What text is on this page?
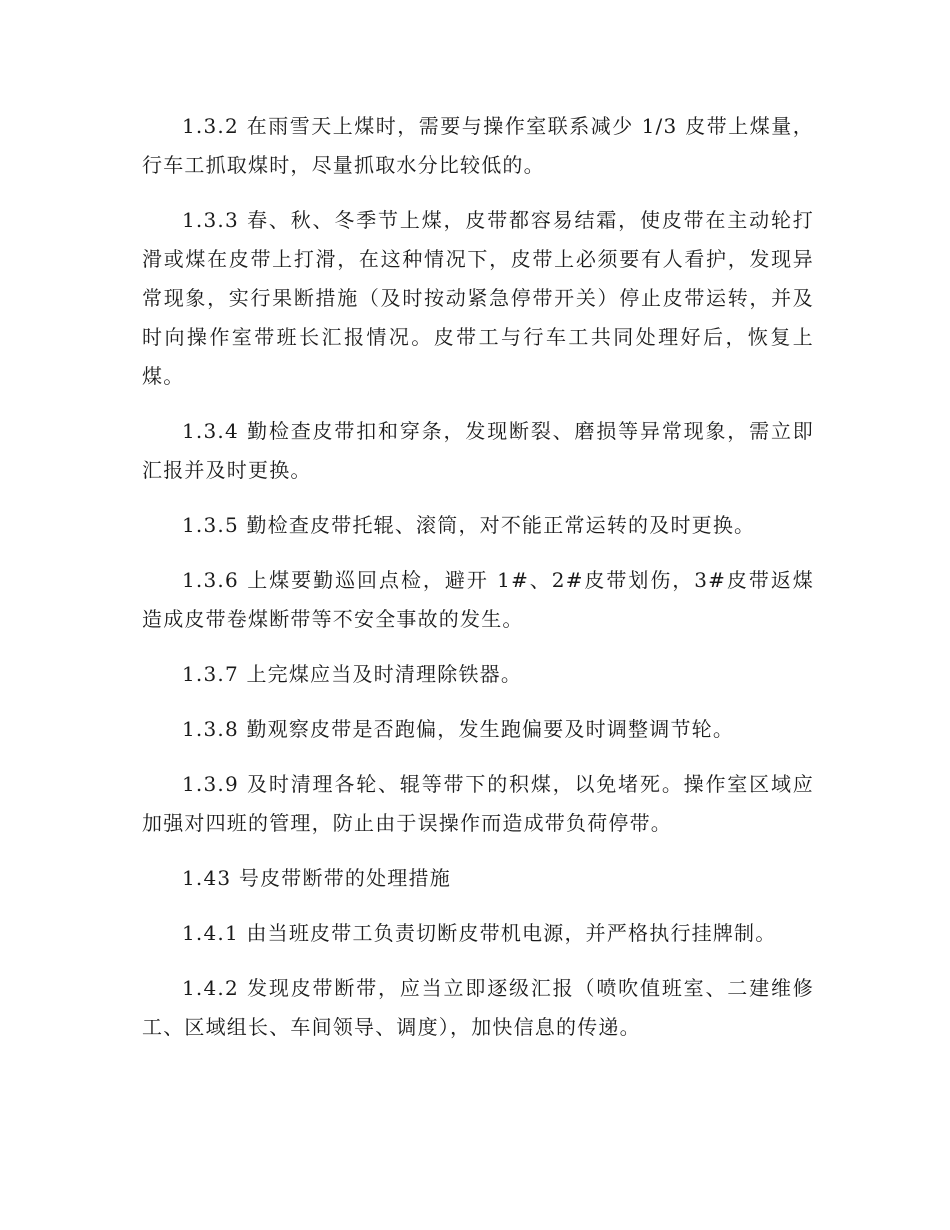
1.3.2 在雨雪天上煤时，需要与操作室联系减少 1/3 皮带上煤量，行车工抓取煤时，尽量抓取水分比较低的。

1.3.3 春、秋、冬季节上煤，皮带都容易结霜，使皮带在主动轮打滑或煤在皮带上打滑，在这种情况下，皮带上必须要有人看护，发现异常现象，实行果断措施（及时按动紧急停带开关）停止皮带运转，并及时向操作室带班长汇报情况。皮带工与行车工共同处理好后，恢复上煤。

1.3.4 勤检查皮带扣和穿条，发现断裂、磨损等异常现象，需立即汇报并及时更换。

1.3.5 勤检查皮带托辊、滚筒，对不能正常运转的及时更换。

1.3.6 上煤要勤巡回点检，避开 1#、2#皮带划伤，3#皮带返煤造成皮带卷煤断带等不安全事故的发生。

1.3.7 上完煤应当及时清理除铁器。

1.3.8 勤观察皮带是否跑偏，发生跑偏要及时调整调节轮。

1.3.9 及时清理各轮、辊等带下的积煤，以免堵死。操作室区域应加强对四班的管理，防止由于误操作而造成带负荷停带。

1.43 号皮带断带的处理措施

1.4.1 由当班皮带工负责切断皮带机电源，并严格执行挂牌制。

1.4.2 发现皮带断带，应当立即逐级汇报（喷吹值班室、二建维修工、区域组长、车间领导、调度），加快信息的传递。
